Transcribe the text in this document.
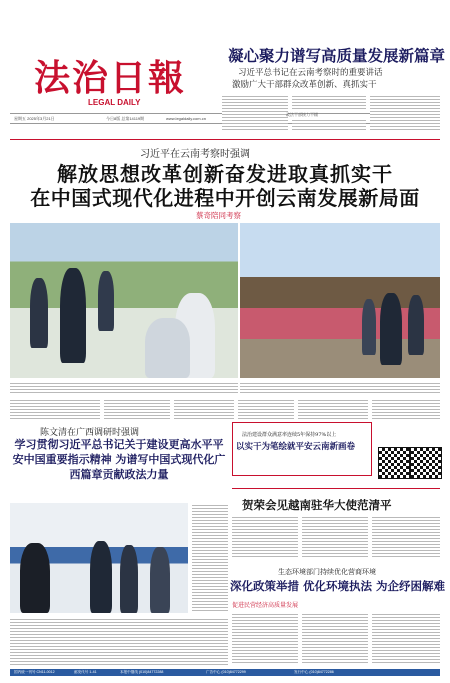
法治日報
LEGAL DAILY
星期五 2025年3月21日	今日8版 总第14119期	www.legaldaily.com.cn
凝心聚力谱写高质量发展新篇章
习近平总书记在云南考察时的重要讲话
激励广大干部群众改革创新、真抓实干
政法干部接力不辍
习近平在云南考察时强调
解放思想改革创新奋发进取真抓实干
在中国式现代化进程中开创云南发展新局面
蔡奇陪同考察
陈文清在广西调研时强调
学习贯彻习近平总书记关于建设更高水平平安中国重要指示精神 为谱写中国式现代化广西篇章贡献政法力量
法治建设群众满意率连续5年保持97%以上
以实干为笔绘就平安云南新画卷
贺荣会见越南驻华大使范清平
生态环境部门持续优化营商环境
深化政策举措 优化环境执法 为企纾困解难
促进民营经济高质量发展
国内统一刊号 CN11-0012	邮发代号 1-41	本报中继线 (010)84772288	广告中心 (010)84772299	发行中心 (010)84772286
